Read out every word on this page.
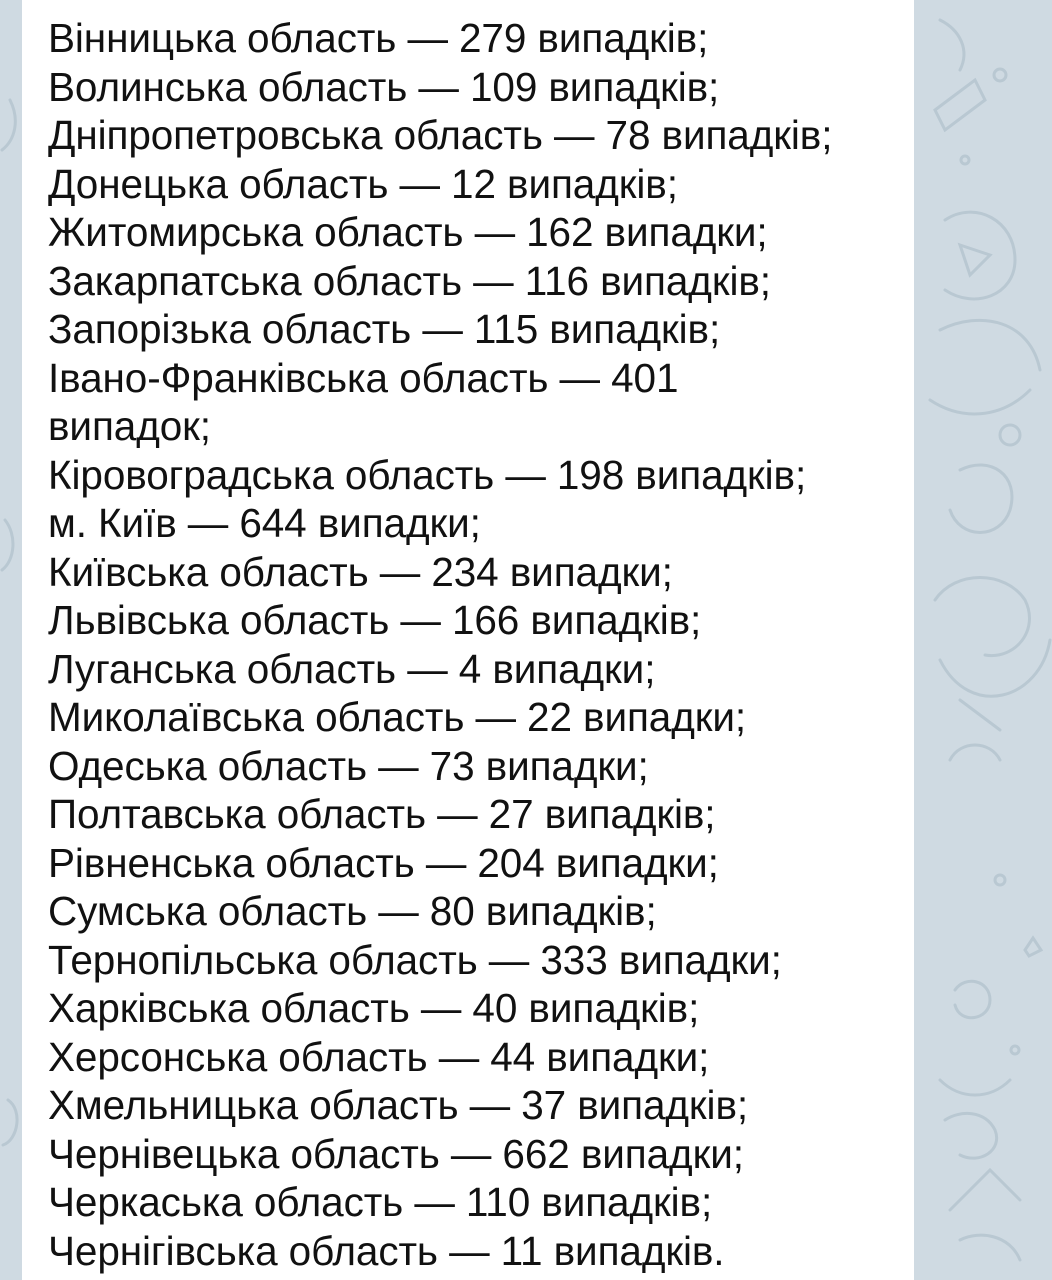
Вінницька область — 279 випадків;
Волинська область — 109 випадків;
Дніпропетровська область — 78 випадків;
Донецька область — 12 випадків;
Житомирська область — 162 випадки;
Закарпатська область — 116 випадків;
Запорізька область — 115 випадків;
Івано-Франківська область — 401
випадок;
Кіровоградська область — 198 випадків;
м. Київ — 644 випадки;
Київська область — 234 випадки;
Львівська область — 166 випадків;
Луганська область — 4 випадки;
Миколаївська область — 22 випадки;
Одеська область — 73 випадки;
Полтавська область — 27 випадків;
Рівненська область — 204 випадки;
Сумська область — 80 випадків;
Тернопільська область — 333 випадки;
Харківська область — 40 випадків;
Херсонська область — 44 випадки;
Хмельницька область — 37 випадків;
Чернівецька область — 662 випадки;
Черкаська область — 110 випадків;
Чернігівська область — 11 випадків.
